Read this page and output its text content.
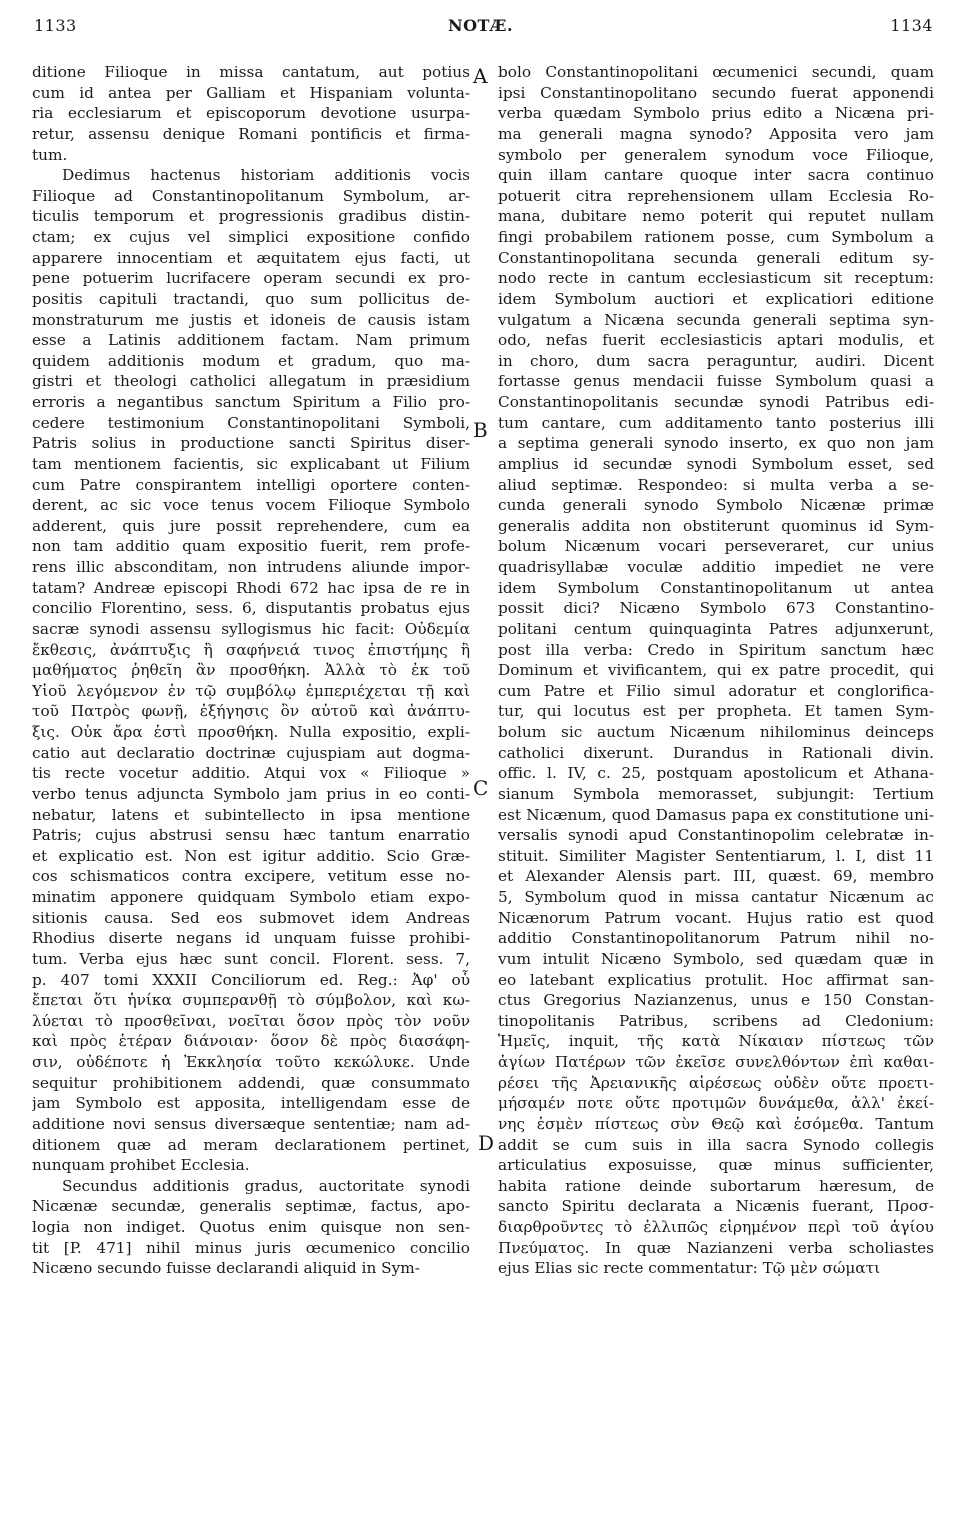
1133	NOTÆ.	1134
ditione Filioque in missa cantatum, aut potius
cum id antea per Galliam et Hispaniam volunta-
ria ecclesiarum et episcoporum devotione usurpa-
retur, assensu denique Romani pontificis et firma-
tum.
Dedimus hactenus historiam additionis vocis
Filioque ad Constantinopolitanum Symbolum, ar-
ticulis temporum et progressionis gradibus distin-
ctam; ex cujus vel simplici expositione confido
apparere innocentiam et æquitatem ejus facti, ut
pene potuerim lucrifacere operam secundi ex pro-
positis capituli tractandi, quo sum pollicitus de-
monstraturum me justis et idoneis de causis istam
esse a Latinis additionem factam. Nam primum
quidem additionis modum et gradum, quo ma-
gistri et theologi catholici allegatum in præsidium
erroris a negantibus sanctum Spiritum a Filio pro-
cedere testimonium Constantinopolitani Symboli,
Patris solius in productione sancti Spiritus diser-
tam mentionem facientis, sic explicabant ut Filium
cum Patre conspirantem intelligi oportere conten-
derent, ac sic voce tenus vocem Filioque Symbolo
adderent, quis jure possit reprehendere, cum ea
non tam additio quam expositio fuerit, rem profe-
rens illic absconditam, non intrudens aliunde impor-
tatam? Andreæ episcopi Rhodi 672 hac ipsa de re in
concilio Florentino, sess. 6, disputantis probatus ejus
sacræ synodi assensu syllogismus hic facit: Οὐδεμία
ἔκθεσις, ἀνάπτυξις ἢ σαφήνειά τινος ἐπιστήμης ἢ
μαθήματος ῥηθεῖη ἂν προσθήκη. Ἀλλὰ τὸ ἐκ τοῦ
Υἱοῦ λεγόμενον ἐν τῷ συμβόλῳ ἐμπεριέχεται τῇ καὶ
τοῦ Πατρὸς φωνῇ, ἐξήγησις ὂν αὐτοῦ καὶ ἀνάπτυ-
ξις. Οὐκ ἄρα ἐστὶ προσθήκη. Nulla expositio, expli-
catio aut declaratio doctrinæ cujuspiam aut dogma-
tis recte vocetur additio. Atqui vox « Filioque »
verbo tenus adjuncta Symbolo jam prius in eo conti-
nebatur, latens et subintellecto in ipsa mentione
Patris; cujus abstrusi sensu hæc tantum enarratio
et explicatio est. Non est igitur additio. Scio Græ-
cos schismaticos contra excipere, vetitum esse no-
minatim apponere quidquam Symbolo etiam expo-
sitionis causa. Sed eos submovet idem Andreas
Rhodius diserte negans id unquam fuisse prohibi-
tum. Verba ejus hæc sunt concil. Florent. sess. 7,
p. 407 tomi XXXII Conciliorum ed. Reg.: Ἀφ' οὗ
ἔπεται ὅτι ἡνίκα συμπερανθῇ τὸ σύμβολον, καὶ κω-
λύεται τὸ προσθεῖναι, νοεῖται ὅσον πρὸς τὸν νοῦν
καὶ πρὸς ἑτέραν διάνοιαν· ὅσον δὲ πρὸς διασάφη-
σιν, οὐδέποτε ἡ Ἐκκλησία τοῦτο κεκώλυκε. Unde
sequitur prohibitionem addendi, quæ consummato
jam Symbolo est apposita, intelligendam esse de
additione novi sensus diversæque sententiæ; nam ad-
ditionem quæ ad meram declarationem pertinet,
nunquam prohibet Ecclesia.
Secundus additionis gradus, auctoritate synodi
Nicænæ secundæ, generalis septimæ, factus, apo-
logia non indiget. Quotus enim quisque non sen-
tit [P. 471] nihil minus juris œcumenico concilio
Nicæno secundo fuisse declarandi aliquid in Sym-
bolo Constantinopolitani œcumenici secundi, quam
ipsi Constantinopolitano secundo fuerat apponendi
verba quædam Symbolo prius edito a Nicæna pri-
ma generali magna synodo? Apposita vero jam
symbolo per generalem synodum voce Filioque,
quin illam cantare quoque inter sacra continuo
potuerit citra reprehensionem ullam Ecclesia Ro-
mana, dubitare nemo poterit qui reputet nullam
fingi probabilem rationem posse, cum Symbolum a
Constantinopolitana secunda generali editum sy-
nodo recte in cantum ecclesiasticum sit receptum:
idem Symbolum auctiori et explicatiori editione
vulgatum a Nicæna secunda generali septima syn-
odo, nefas fuerit ecclesiasticis aptari modulis, et
in choro, dum sacra peraguntur, audiri. Dicent
fortasse genus mendacii fuisse Symbolum quasi a
Constantinopolitanis secundæ synodi Patribus edi-
tum cantare, cum additamento tanto posterius illi
a septima generali synodo inserto, ex quo non jam
amplius id secundæ synodi Symbolum esset, sed
aliud septimæ. Respondeo: si multa verba a se-
cunda generali synodo Symbolo Nicænæ primæ
generalis addita non obstiterunt quominus id Sym-
bolum Nicænum vocari perseveraret, cur unius
quadrisyllabæ voculæ additio impediet ne vere
idem Symbolum Constantinopolitanum ut antea
possit dici? Nicæno Symbolo 673 Constantino-
politani centum quinquaginta Patres adjunxerunt,
post illa verba: Credo in Spiritum sanctum hæc
Dominum et vivificantem, qui ex patre procedit, qui
cum Patre et Filio simul adoratur et conglorifica-
tur, qui locutus est per propheta. Et tamen Sym-
bolum sic auctum Nicænum nihilominus deinceps
catholici dixerunt. Durandus in Rationali divin.
offic. l. IV, c. 25, postquam apostolicum et Athana-
sianum Symbola memorasset, subjungit: Tertium
est Nicænum, quod Damasus papa ex constitutione uni-
versalis synodi apud Constantinopolim celebratæ in-
stituit. Similiter Magister Sententiarum, l. I, dist 11
et Alexander Alensis part. III, quæst. 69, membro
5, Symbolum quod in missa cantatur Nicænum ac
Nicænorum Patrum vocant. Hujus ratio est quod
additio Constantinopolitanorum Patrum nihil no-
vum intulit Nicæno Symbolo, sed quædam quæ in
eo latebant explicatius protulit. Hoc affirmat san-
ctus Gregorius Nazianzenus, unus e 150 Constan-
tinopolitanis Patribus, scribens ad Cledonium:
Ἡμεῖς, inquit, τῆς κατὰ Νίκαιαν πίστεως τῶν
ἁγίων Πατέρων τῶν ἐκεῖσε συνελθόντων ἐπὶ καθαι-
ρέσει τῆς Ἀρειανικῆς αἱρέσεως οὐδὲν οὔτε προετι-
μήσαμέν ποτε οὔτε προτιμῶν δυνάμεθα, ἀλλ' ἐκεί-
νης ἐσμὲν πίστεως σὺν Θεῷ καὶ ἐσόμεθα. Tantum
addit se cum suis in illa sacra Synodo collegis
articulatius exposuisse, quæ minus sufficienter,
habita ratione deinde subortarum hæresum, de
sancto Spiritu declarata a Nicænis fuerant, Προσ-
διαρθροῦντες τὸ ἐλλιπῶς εἰρημένον περὶ τοῦ ἁγίου
Πνεύματος. In quæ Nazianzeni verba scholiastes
ejus Elias sic recte commentatur: Τῷ μὲν σώματι
A
B
C
D
